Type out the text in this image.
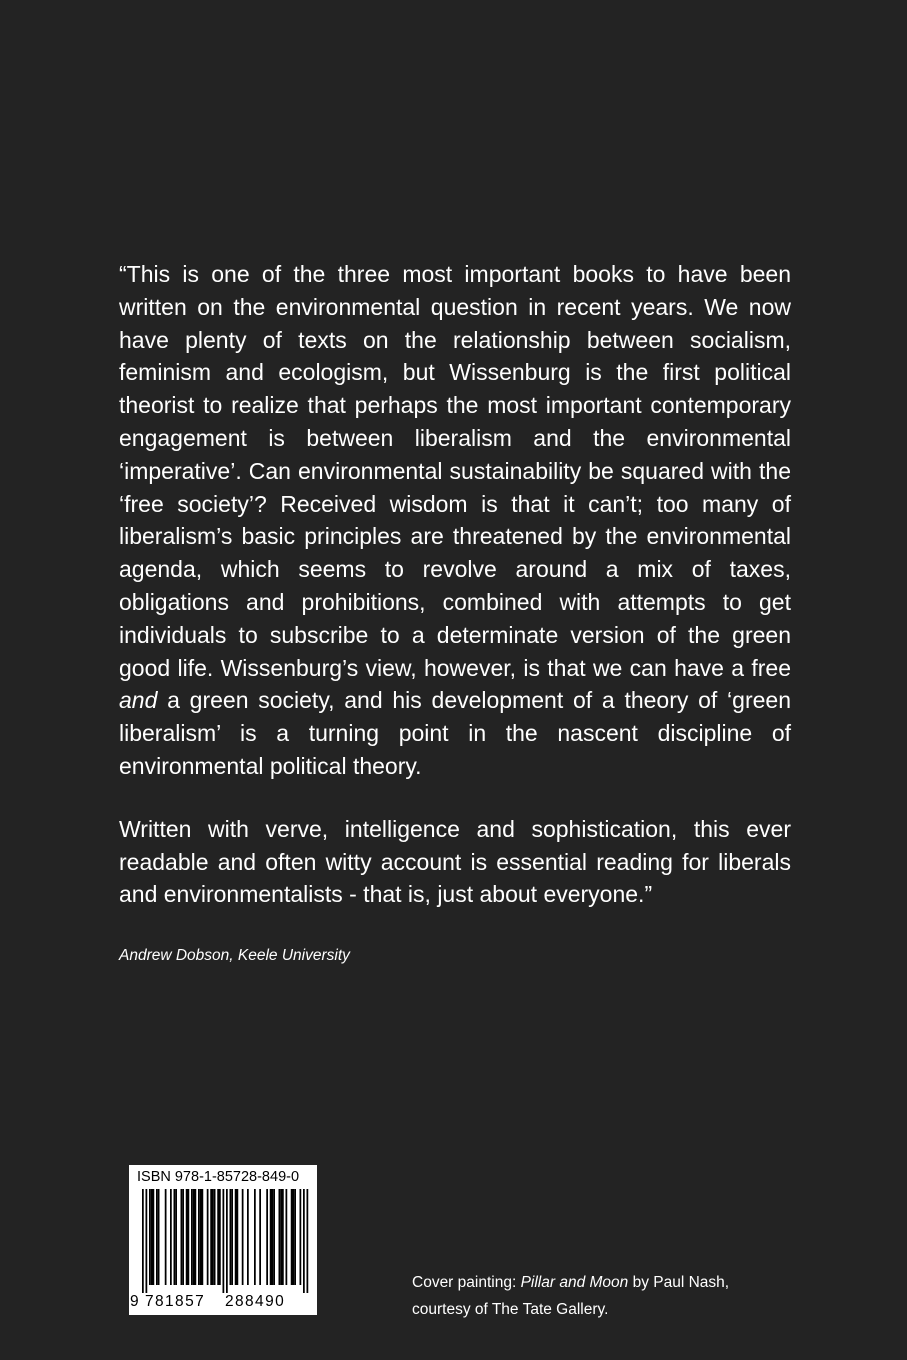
“This is one of the three most important books to have been written on the environmental question in recent years. We now have plenty of texts on the relationship between socialism, feminism and ecologism, but Wissenburg is the first political theorist to realize that perhaps the most important contemporary engagement is between liberalism and the environmental ‘imperative’. Can environmental sustainability be squared with the ‘free society’? Received wisdom is that it can’t; too many of liberalism’s basic principles are threatened by the environmental agenda, which seems to revolve around a mix of taxes, obligations and prohibitions, combined with attempts to get individuals to subscribe to a determinate version of the green good life. Wissenburg’s view, however, is that we can have a free and a green society, and his development of a theory of ‘green liberalism’ is a turning point in the nascent discipline of environmental political theory.

Written with verve, intelligence and sophistication, this ever readable and often witty account is essential reading for liberals and environmentalists - that is, just about everyone.”

Andrew Dobson, Keele University
ISBN 978-1-85728-849-0
9 781857 288490
Cover painting: Pillar and Moon by Paul Nash,
courtesy of The Tate Gallery.
